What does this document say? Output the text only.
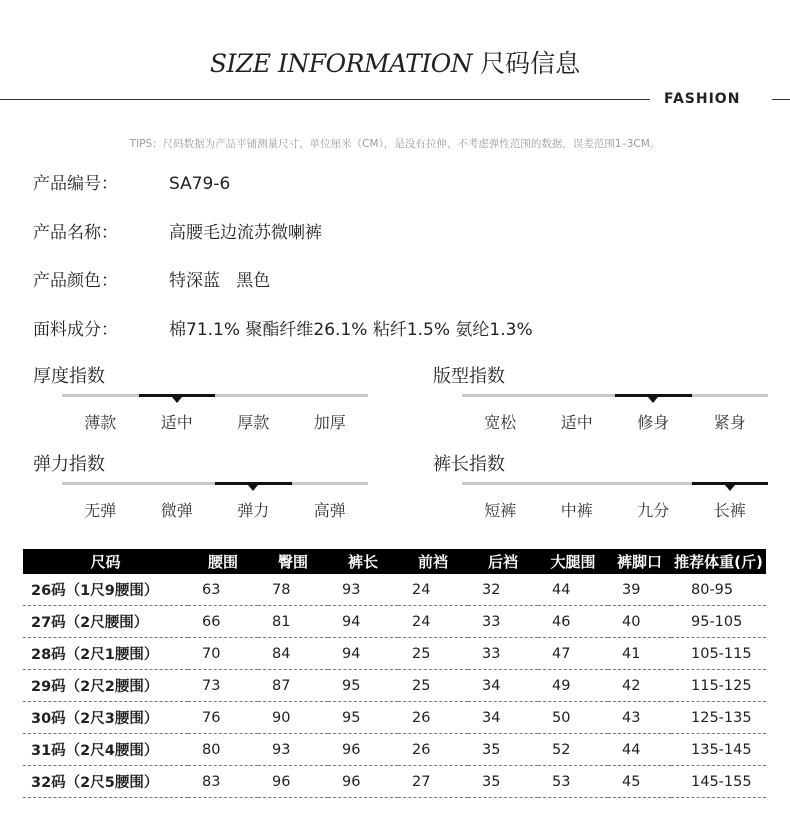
SIZE INFORMATION 尺码信息
FASHION
TIPS：尺码数据为产品平铺测量尺寸，单位厘米（CM），是没有拉伸、不考虑弹性范围的数据，误差范围1–3CM。
产品编号：	SA79-6
产品名称：	高腰毛边流苏微喇裤
产品颜色：	特深蓝   黑色
面料成分：	棉71.1% 聚酯纤维26.1% 粘纤1.5% 氨纶1.3%
厚度指数
薄款	适中	厚款	加厚
版型指数
宽松	适中	修身	紧身
弹力指数
无弹	微弹	弹力	高弹
裤长指数
短裤	中裤	九分	长裤
尺码	腰围	臀围	裤长	前裆	后裆	大腿围	裤脚口	推荐体重(斤)
26码（1尺9腰围）	63	78	93	24	32	44	39	80-95
27码（2尺腰围）	66	81	94	24	33	46	40	95-105
28码（2尺1腰围）	70	84	94	25	33	47	41	105-115
29码（2尺2腰围）	73	87	95	25	34	49	42	115-125
30码（2尺3腰围）	76	90	95	26	34	50	43	125-135
31码（2尺4腰围）	80	93	96	26	35	52	44	135-145
32码（2尺5腰围）	83	96	96	27	35	53	45	145-155
